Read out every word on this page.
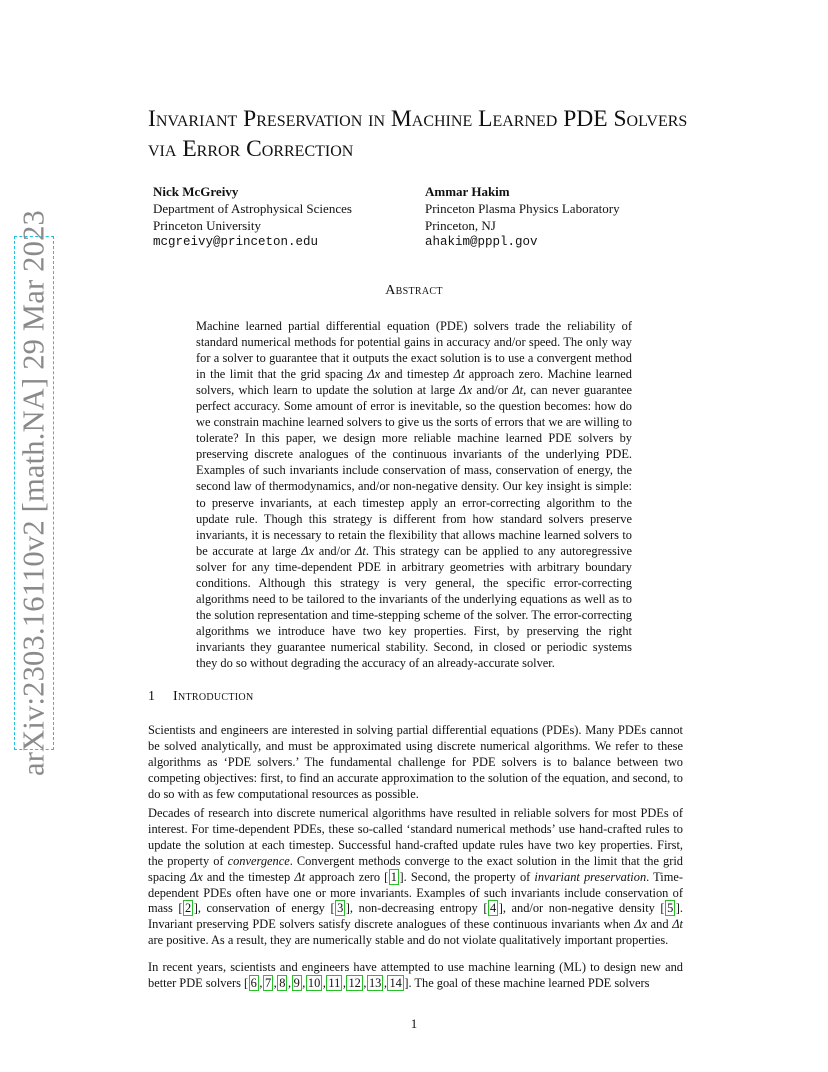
arXiv:2303.16110v2 [math.NA] 29 Mar 2023
Invariant Preservation in Machine Learned PDE Solvers via Error Correction
Nick McGreivy
Department of Astrophysical Sciences
Princeton University
mcgreivy@princeton.edu
Ammar Hakim
Princeton Plasma Physics Laboratory
Princeton, NJ
ahakim@pppl.gov
Abstract
Machine learned partial differential equation (PDE) solvers trade the reliability of standard numerical methods for potential gains in accuracy and/or speed. The only way for a solver to guarantee that it outputs the exact solution is to use a convergent method in the limit that the grid spacing Δx and timestep Δt approach zero. Machine learned solvers, which learn to update the solution at large Δx and/or Δt, can never guarantee perfect accuracy. Some amount of error is inevitable, so the question becomes: how do we constrain machine learned solvers to give us the sorts of errors that we are willing to tolerate? In this paper, we design more reliable machine learned PDE solvers by preserving discrete analogues of the continuous invariants of the underlying PDE. Examples of such invariants include conservation of mass, conservation of energy, the second law of thermodynamics, and/or non-negative density. Our key insight is simple: to preserve invariants, at each timestep apply an error-correcting algorithm to the update rule. Though this strategy is different from how standard solvers preserve invariants, it is necessary to retain the flexibility that allows machine learned solvers to be accurate at large Δx and/or Δt. This strategy can be applied to any autoregressive solver for any time-dependent PDE in arbitrary geometries with arbitrary boundary conditions. Although this strategy is very general, the specific error-correcting algorithms need to be tailored to the invariants of the underlying equations as well as to the solution representation and time-stepping scheme of the solver. The error-correcting algorithms we introduce have two key properties. First, by preserving the right invariants they guarantee numerical stability. Second, in closed or periodic systems they do so without degrading the accuracy of an already-accurate solver.
1 Introduction

Scientists and engineers are interested in solving partial differential equations (PDEs). Many PDEs cannot be solved analytically, and must be approximated using discrete numerical algorithms. We refer to these algorithms as ‘PDE solvers.’ The fundamental challenge for PDE solvers is to balance between two competing objectives: first, to find an accurate approximation to the solution of the equation, and second, to do so with as few computational resources as possible.

Decades of research into discrete numerical algorithms have resulted in reliable solvers for most PDEs of interest. For time-dependent PDEs, these so-called ‘standard numerical methods’ use hand-crafted rules to update the solution at each timestep. Successful hand-crafted update rules have two key properties. First, the property of convergence. Convergent methods converge to the exact solution in the limit that the grid spacing Δx and the timestep Δt approach zero [ 1 ]. Second, the property of invariant preservation. Time-dependent PDEs often have one or more invariants. Examples of such invariants include conservation of mass [ 2 ], conservation of energy [ 3 ], non-decreasing entropy [ 4 ], and/or non-negative density [ 5 ]. Invariant preserving PDE solvers satisfy discrete analogues of these continuous invariants when Δx and Δt are positive. As a result, they are numerically stable and do not violate qualitatively important properties.

In recent years, scientists and engineers have attempted to use machine learning (ML) to design new and better PDE solvers [ 6 , 7 , 8 , 9 , 10 , 11 , 12 , 13 , 14 ]. The goal of these machine learned PDE solvers

1
